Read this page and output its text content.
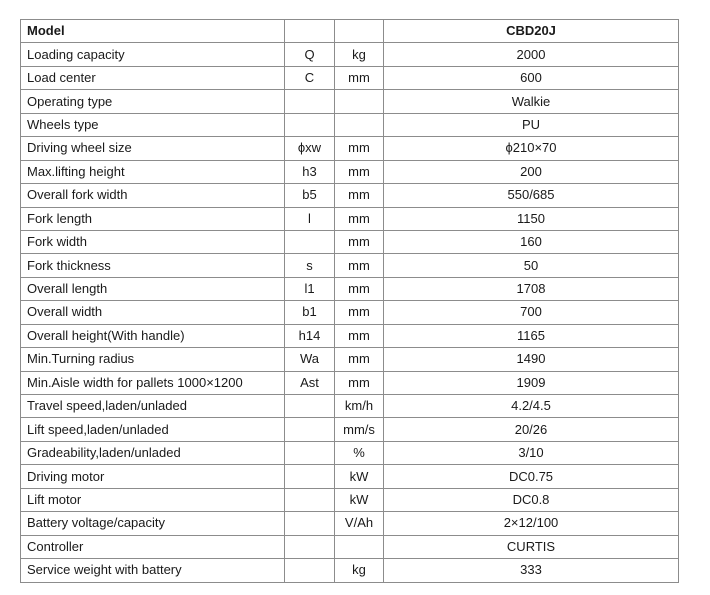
Model			CBD20J
Loading capacity	Q	kg	2000
Load center	C	mm	600
Operating type			Walkie
Wheels type			PU
Driving wheel size	ϕxw	mm	ϕ210×70
Max.lifting height	h3	mm	200
Overall fork width	b5	mm	550/685
Fork length	l	mm	1150
Fork width		mm	160
Fork thickness	s	mm	50
Overall length	l1	mm	1708
Overall width	b1	mm	700
Overall height(With handle)	h14	mm	1165
Min.Turning radius	Wa	mm	1490
Min.Aisle width for pallets 1000×1200	Ast	mm	1909
Travel speed,laden/unladed		km/h	4.2/4.5
Lift speed,laden/unladed		mm/s	20/26
Gradeability,laden/unladed		%	3/10
Driving motor		kW	DC0.75
Lift motor		kW	DC0.8
Battery voltage/capacity		V/Ah	2×12/100
Controller			CURTIS
Service weight with battery		kg	333
